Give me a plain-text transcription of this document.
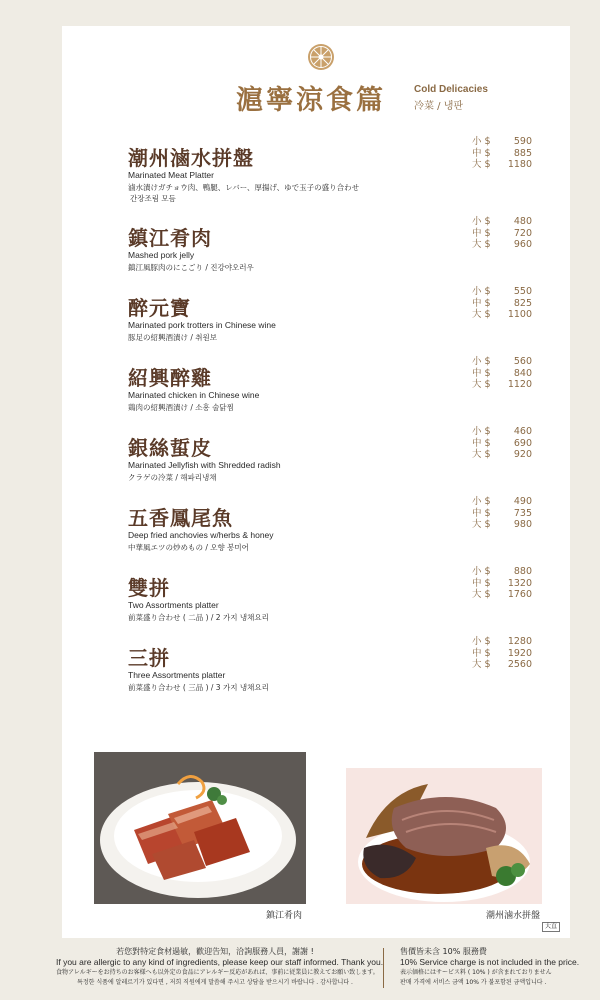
滬寧涼食篇	Cold Delicacies
冷菜 / 냉판
潮州滷水拼盤
Marinated Meat Platter
滷水漬けガチョウ肉、鴨腿、レバー、厚揚げ、ゆで玉子の盛り合わせ
간장조림 모듬
小 $ 590
中 $ 885
大 $ 1180
鎮江肴肉
Mashed pork jelly
鎮江風豚肉のにこごり / 진강야오러우
小 $ 480
中 $ 720
大 $ 960
醉元寶
Marinated pork trotters in Chinese wine
豚足の紹興酒漬け / 취원보
小 $ 550
中 $ 825
大 $ 1100
紹興醉雞
Marinated chicken in Chinese wine
鶏肉の紹興酒漬け / 소흥 술닭찜
小 $ 560
中 $ 840
大 $ 1120
銀絲蜇皮
Marinated Jellyfish with Shredded radish
クラゲの冷菜 / 해파리냉채
小 $ 460
中 $ 690
大 $ 920
五香鳳尾魚
Deep fried anchovies w/herbs & honey
中華風エツの炒めもの / 오향 봉미어
小 $ 490
中 $ 735
大 $ 980
雙拼
Two Assortments platter
前菜盛り合わせ ( 二品 ) / 2 가지 냉채요리
小 $ 880
中 $ 1320
大 $ 1760
三拼
Three Assortments platter
前菜盛り合わせ ( 三品 ) / 3 가지 냉채요리
小 $ 1280
中 $ 1920
大 $ 2560
鎮江肴肉	潮州滷水拼盤
大直
若您對特定食材過敏，歡迎告知，洽詢服務人員，謝謝 !
If you are allergic to any kind of ingredients, please keep our staff informed. Thank you.
食物アレルギーをお持ちのお客様へも以外定の食品にアレルギー反応があれば、事前に従業員に教えてお願い致します。
특정한 식품에 알레르기가 있다면 , 저희 직원에게 말씀해 주시고 상담을 받으시기 바랍니다 . 감사합니다 .
售價皆未含 10% 服務費
10% Service charge is not included in the price.
表示価格にはサービス料 ( 10% ) が含まれておりません
판매 가격에 서비스 금액 10% 가 불포함된 금액입니다 .
